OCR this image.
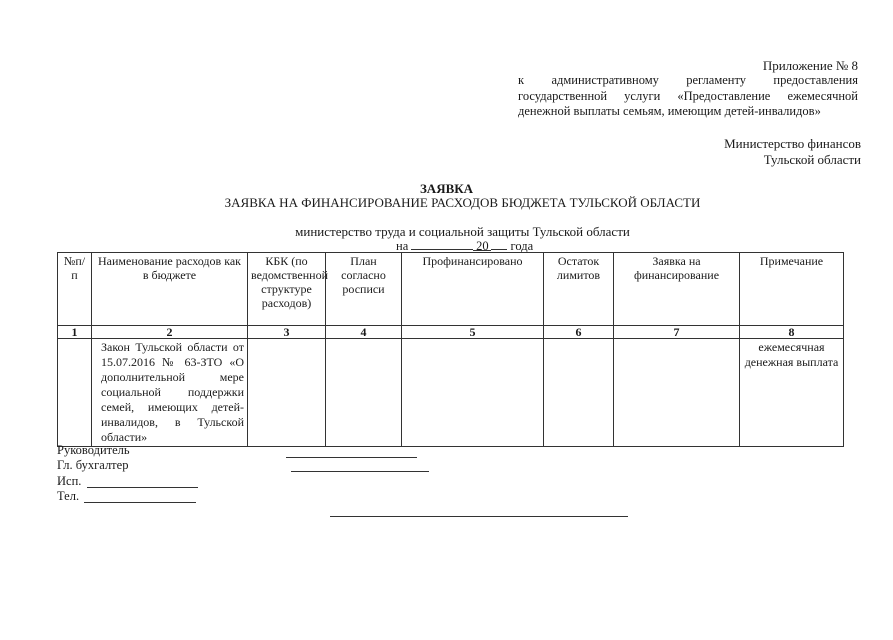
Приложение № 8
к административному регламенту предоставления государственной услуги «Предоставление ежемесячной денежной выплаты семьям, имеющим детей-инвалидов»
Министерство финансов
Тульской области
ЗАЯВКА
ЗАЯВКА НА ФИНАНСИРОВАНИЕ РАСХОДОВ БЮДЖЕТА ТУЛЬСКОЙ ОБЛАСТИ
министерство труда и социальной защиты Тульской области
на	20 года
№п/п	Наименование расходов как в бюджете	КБК (по ведомственной структуре расходов)	План согласно росписи	Профинансировано	Остаток лимитов	Заявка на финансирование	Примечание
1	2	3	4	5	6	7	8
	Закон Тульской области от 15.07.2016 № 63-ЗТО «О дополнительной мере социальной поддержки семей, имеющих детей-инвалидов, в Тульской области»						ежемесячная денежная выплата
Руководитель
Гл. бухгалтер
Исп.
Тел.
